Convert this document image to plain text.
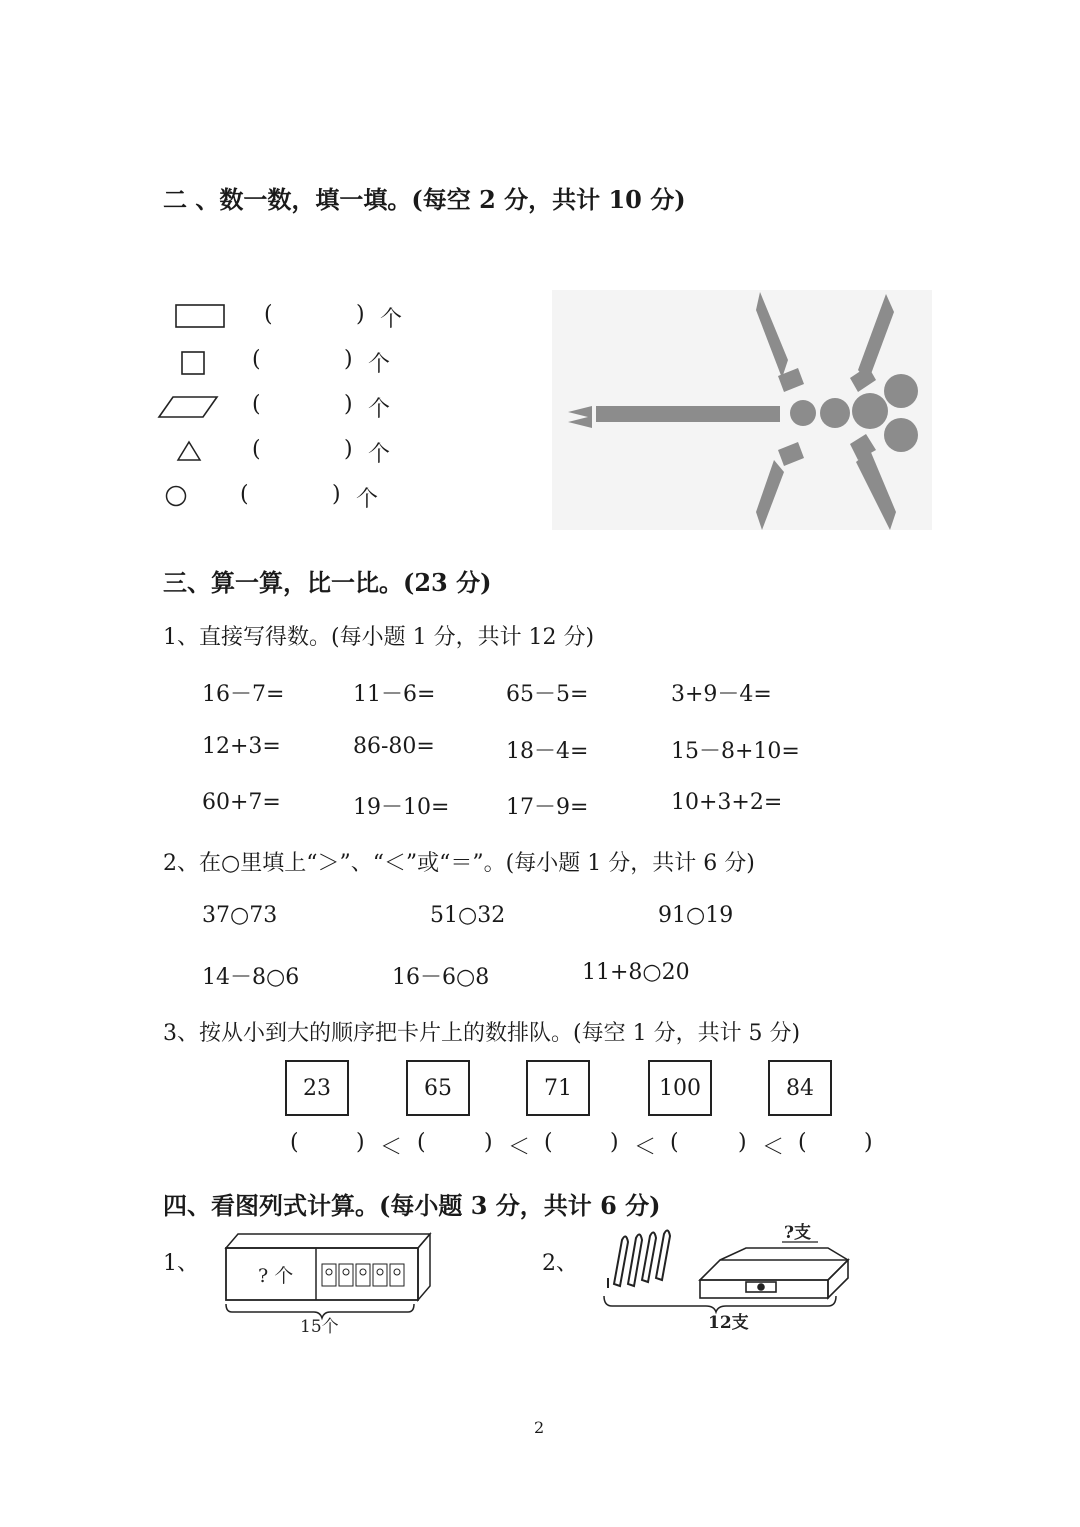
二 、数一数，填一填。(每空 2 分，共计 10 分)
(	) 个
(	) 个
(	) 个
(	) 个
(	) 个
三、算一算，比一比。(23 分)
1、直接写得数。(每小题 1 分，共计 12 分)
16－7=	11－6=	65－5=	3+9－4=
12+3=	86-80=	18－4=	15－8+10=
60+7=	19－10=	17－9=	10+3+2=
2、在○里填上“＞”、“＜”或“＝”。(每小题 1 分，共计 6 分)
37○73	51○32	91○19
14－8○6	16－6○8	11+8○20
3、按从小到大的顺序把卡片上的数排队。(每空 1 分，共计 5 分)
23	65	71	100	84
(	) ＜ (	) ＜ (	) ＜ (	) ＜ (	)
四、看图列式计算。(每小题 3 分，共计 6 分)
1、	? 个
15个
2、
?支
12支
2
